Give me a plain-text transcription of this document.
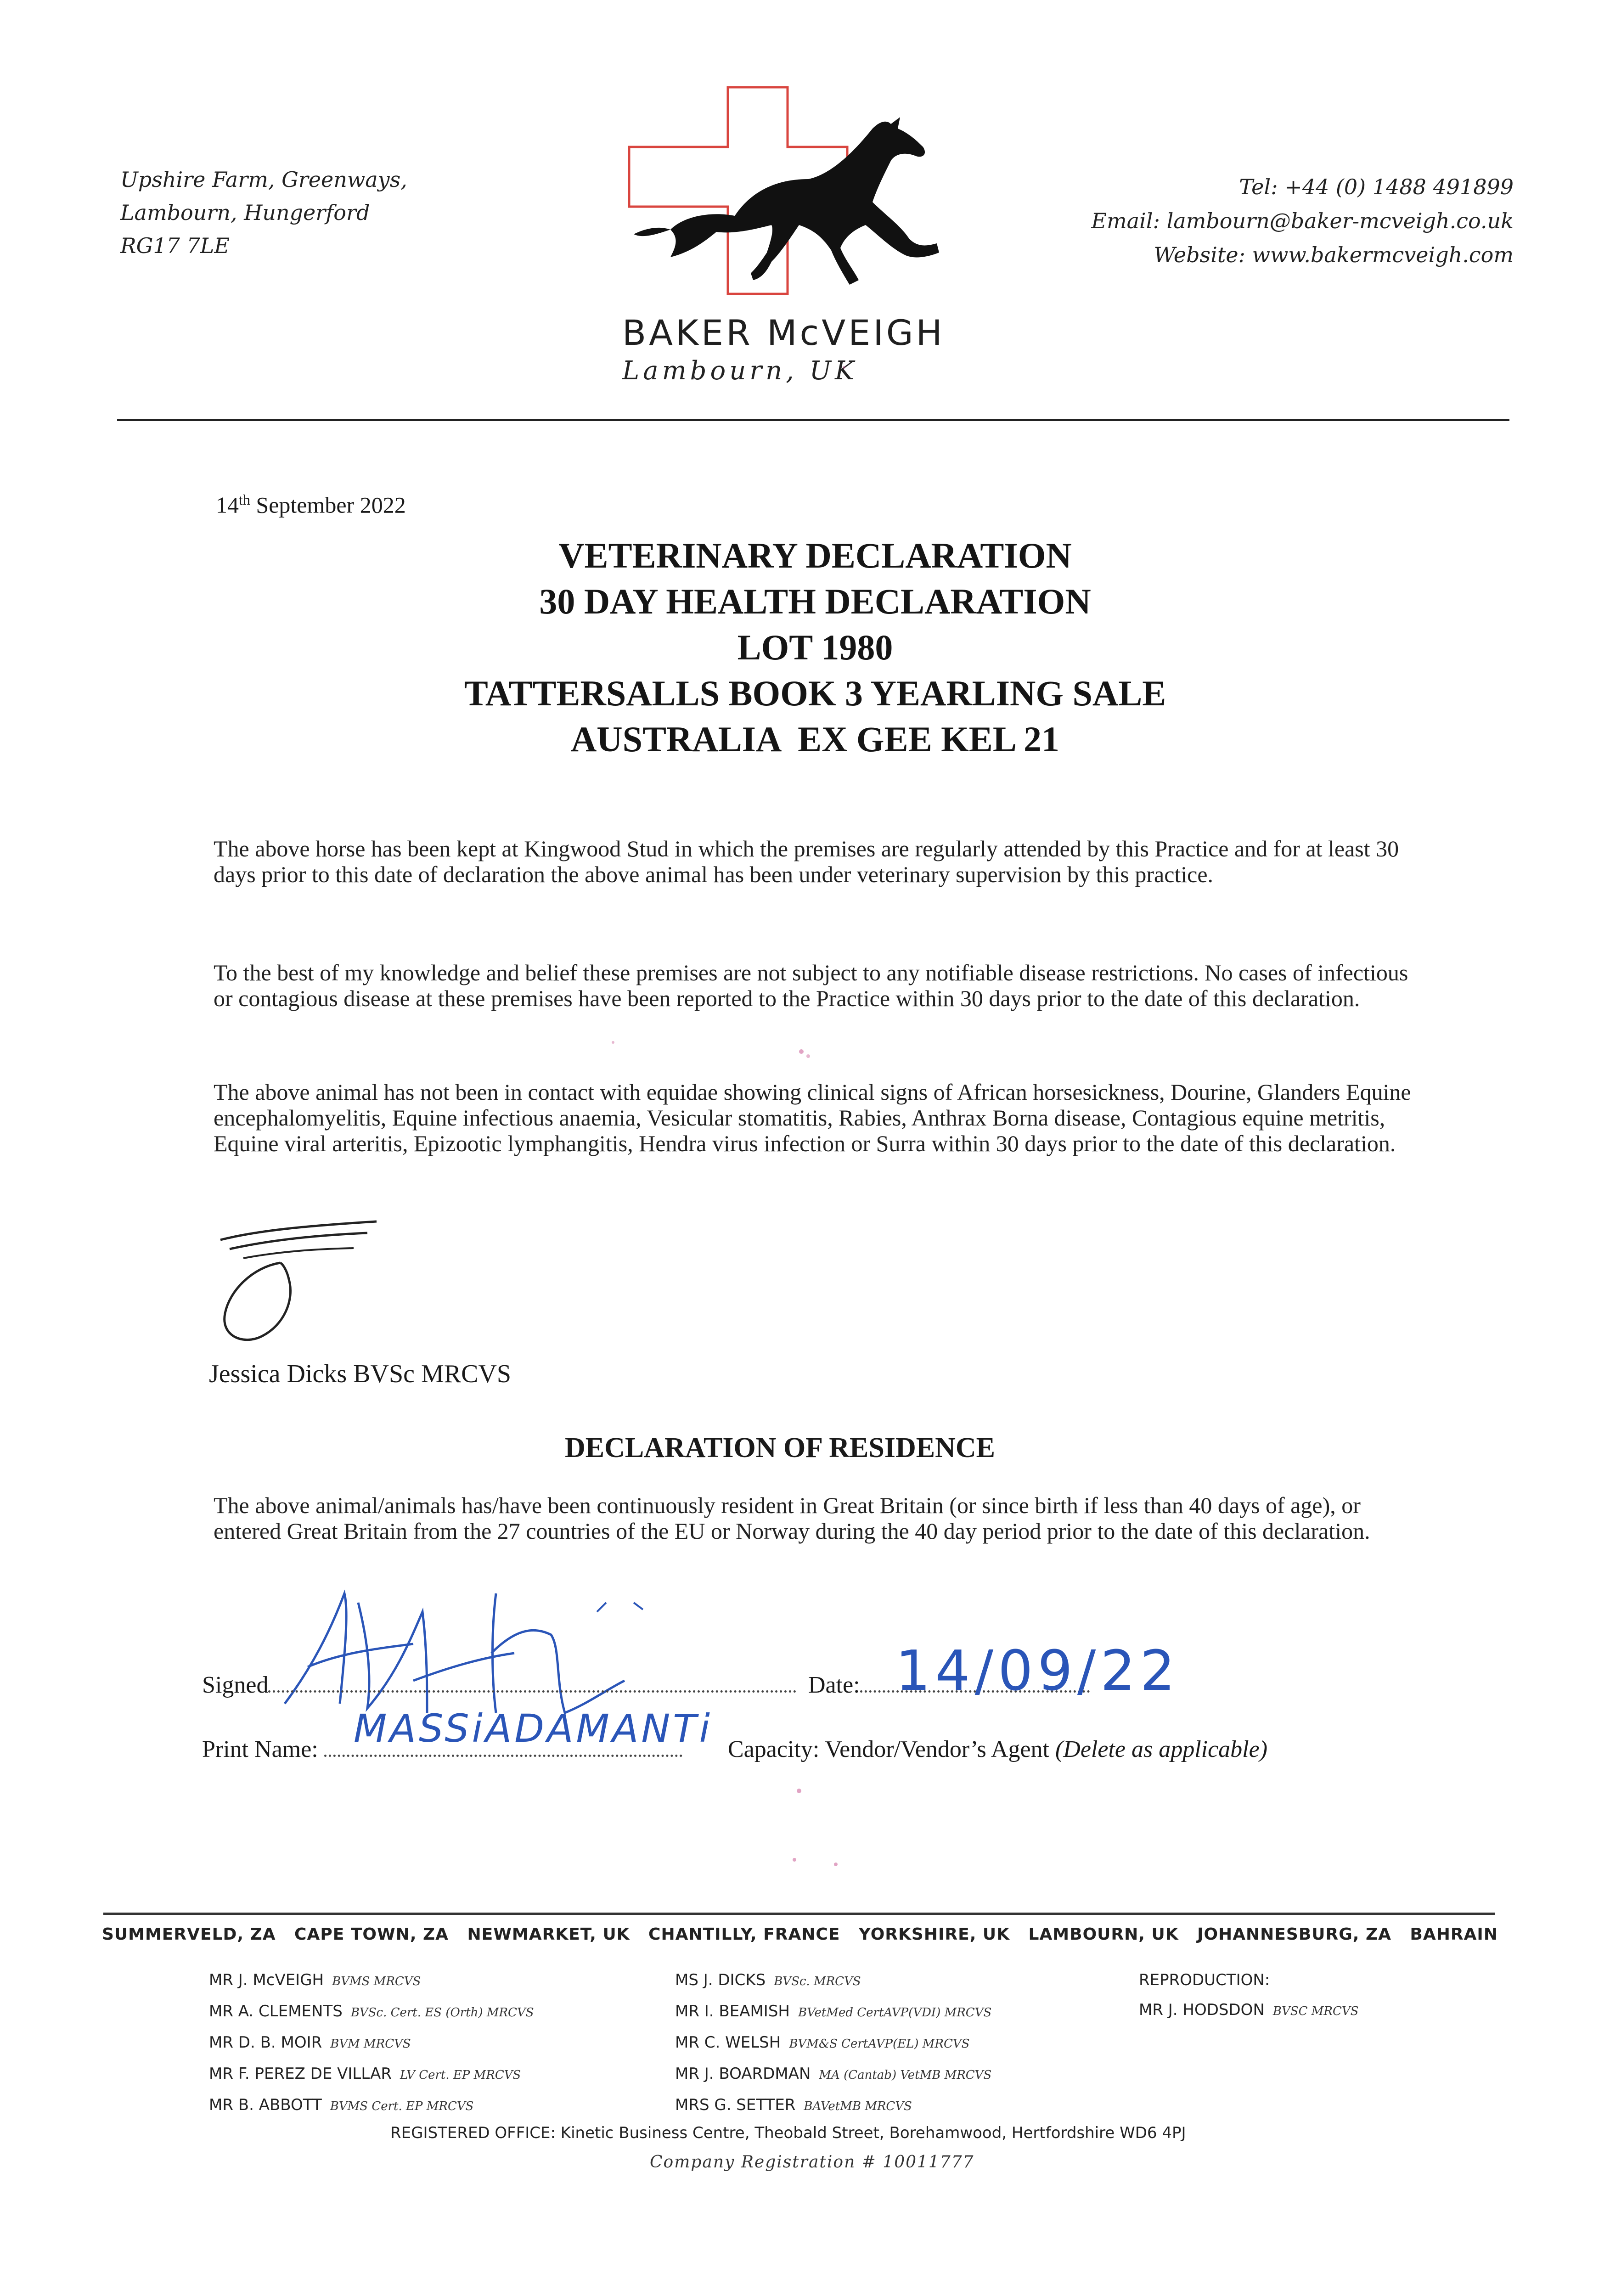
Upshire Farm, Greenways,
Lambourn, Hungerford
RG17 7LE
BAKER McVEIGH
Lambourn, UK
Tel: +44 (0) 1488 491899
Email: lambourn@baker-mcveigh.co.uk
Website: www.bakermcveigh.com
14th September 2022
VETERINARY DECLARATION
30 DAY HEALTH DECLARATION
LOT 1980
TATTERSALLS BOOK 3 YEARLING SALE
AUSTRALIA  EX GEE KEL 21
The above horse has been kept at Kingwood Stud in which the premises are regularly attended by this Practice and for at least 30 days prior to this date of declaration the above animal has been under veterinary supervision by this practice.
To the best of my knowledge and belief these premises are not subject to any notifiable disease restrictions. No cases of infectious or contagious disease at these premises have been reported to the Practice within 30 days prior to the date of this declaration.
The above animal has not been in contact with equidae showing clinical signs of African horsesickness, Dourine, Glanders Equine encephalomyelitis, Equine infectious anaemia, Vesicular stomatitis, Rabies, Anthrax Borna disease, Contagious equine metritis, Equine viral arteritis, Epizootic lymphangitis, Hendra virus infection or Surra within 30 days prior to the date of this declaration.
Jessica Dicks BVSc MRCVS
DECLARATION OF RESIDENCE
The above animal/animals has/have been continuously resident in Great Britain (or since birth if less than 40 days of age), or entered Great Britain from the 27 countries of the EU or Norway during the 40 day period prior to the date of this declaration.
Signed	Date: 14/09/22
Print Name: MASSiADAMANTi Capacity: Vendor/Vendor’s Agent (Delete as applicable)
SUMMERVELD, ZA CAPE TOWN, ZA NEWMARKET, UK CHANTILLY, FRANCE YORKSHIRE, UK LAMBOURN, UK JOHANNESBURG, ZA BAHRAIN
MR J. McVEIGH BVMS MRCVS
MR A. CLEMENTS BVSc. Cert. ES (Orth) MRCVS
MR D. B. MOIR BVM MRCVS
MR F. PEREZ DE VILLAR LV Cert. EP MRCVS
MR B. ABBOTT BVMS Cert. EP MRCVS
MS J. DICKS BVSc. MRCVS
MR I. BEAMISH BVetMed CertAVP(VDI) MRCVS
MR C. WELSH BVM&S CertAVP(EL) MRCVS
MR J. BOARDMAN MA (Cantab) VetMB MRCVS
MRS G. SETTER BAVetMB MRCVS
REPRODUCTION:
MR J. HODSDON BVSC MRCVS
REGISTERED OFFICE: Kinetic Business Centre, Theobald Street, Borehamwood, Hertfordshire WD6 4PJ
Company Registration # 10011777
